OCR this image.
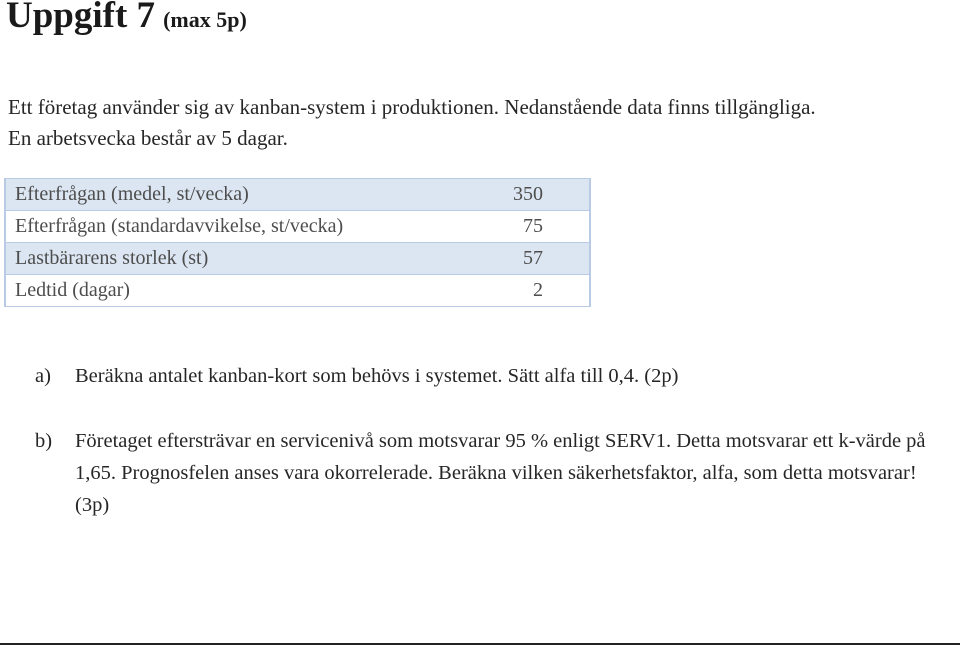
Uppgift 7 (max 5p)

Ett företag använder sig av kanban-system i produktionen. Nedanstående data finns tillgängliga.

En arbetsvecka består av 5 dagar.

Efterfrågan (medel, st/vecka)	350
Efterfrågan (standardavvikelse, st/vecka)	75
Lastbärarens storlek (st)	57
Ledtid (dagar)	2
a) Beräkna antalet kanban-kort som behövs i systemet. Sätt alfa till 0,4. (2p)
b) Företaget eftersträvar en servicenivå som motsvarar 95 % enligt SERV1. Detta motsvarar ett k-värde på 1,65. Prognosfelen anses vara okorrelerade. Beräkna vilken säkerhetsfaktor, alfa, som detta motsvarar! (3p)
